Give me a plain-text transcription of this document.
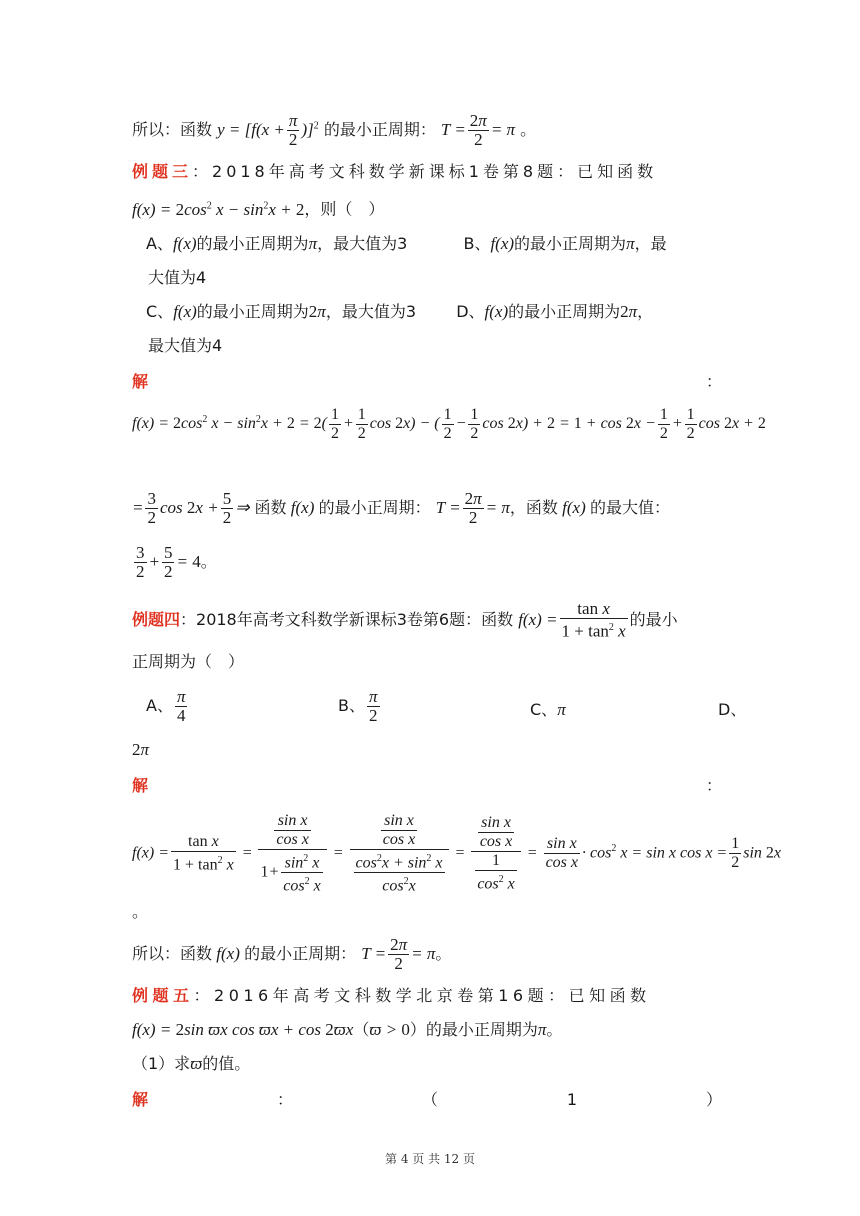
所以：函数 $y = [f(x + \frac{\pi}{2} )]^2$ 的最小正周期： $T = \frac{2\pi}{2} = \pi$ 。
例题三：2018年高考文科数学新课标1卷第8题：已知函数
$f(x) = 2\cos^2$ $x - \sin^2x + 2$，则（　）
A、f(x)的最小正周期为π，最大值为3	B、f(x)的最小正周期为π，最
大值为4
C、f(x)的最小正周期为2π，最大值为3	D、f(x)的最小正周期为2π，
最大值为4
解	：
$f(x) = 2\cos^2$ $x - \sin^2x + 2 = 2( \frac{1}{2} + \frac{1}{2}$ cos 2x) − ( $\frac{1}{2} - \frac{1}{2}$ $\cos 2x) + 2 = 1 + \cos 2x - \frac{1}{2} + \frac{1}{2}$ cos 2x + 2
= $\frac{3}{2}$ $\cos 2x + \frac{5}{2}$ ⇒ 函数 f(x) 的最小正周期： $T = \frac{2\pi}{2} = \pi$，函数 f(x) 的最大值：
$\frac{3}{2} + \frac{5}{2} = 4$。
例题四：2018年高考文科数学新课标3卷第6题：函数 $f(x) = \frac{\text{tan x}}{1 + \tan^2 x}$ 的最小
正周期为（　）
A、 $\frac{\pi}{4}$	B、 $\frac{\pi}{2}$	C、π	D、
2π
解	：
$f(x) = \frac{\text{tan x}}{1 + \tan^2 x} = \frac{\frac{\text{sin x}}{\text{cos x}}}{1+ \frac{\sin^2 x}{\cos^2 x}} = \frac{\frac{\text{sin x}}{\text{cos x}}}{\frac{\cos^2x + \sin^2 x}{\cos^2x}} = \frac{\frac{\text{sin x}}{\text{cos x}}}{\frac{1}{\cos^2 x}} = \frac{\text{sin x}}{\text{cos x}} \cdot \cos^2 x = \sin x$ $\cos x = \frac{1}{2}$ sin 2x
。
所以：函数 f(x) 的最小正周期： $T = \frac{2\pi}{2} = \pi$。
例题五：2016年高考文科数学北京卷第16题：已知函数
f(x) = 2sin ϖx cos ϖx + cos 2ϖx（ϖ > 0）的最小正周期为π。
（1）求ϖ的值。
解	：	（	1	）
第 4 页 共 12 页
